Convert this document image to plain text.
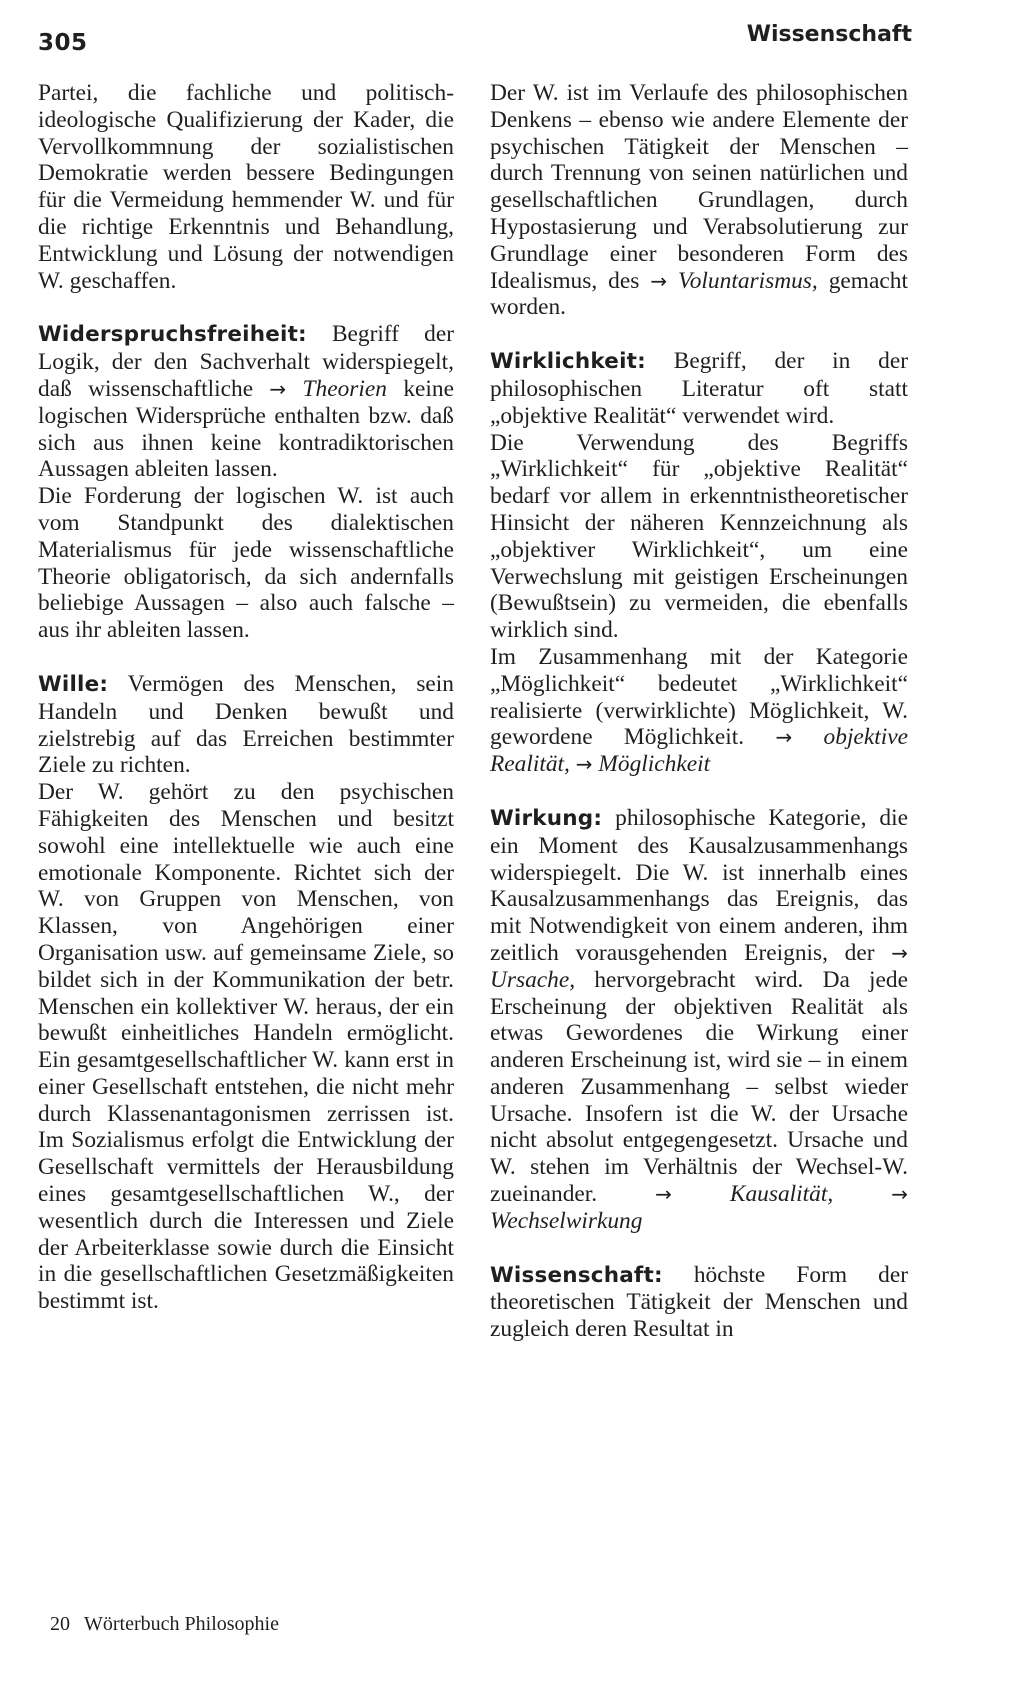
305	Wissenschaft

Partei, die fachliche und politisch-ideologische Qualifizierung der Kader, die Vervollkommnung der sozialistischen Demokratie werden bessere Bedingungen für die Vermeidung hemmender W. und für die richtige Erkenntnis und Behandlung, Entwicklung und Lösung der notwendigen W. geschaffen.

Widerspruchsfreiheit: Begriff der Logik, der den Sachverhalt widerspiegelt, daß wissenschaftliche → Theorien keine logischen Widersprüche enthalten bzw. daß sich aus ihnen keine kontradiktorischen Aussagen ableiten lassen.

Die Forderung der logischen W. ist auch vom Standpunkt des dialektischen Materialismus für jede wissenschaftliche Theorie obligatorisch, da sich andernfalls beliebige Aussagen – also auch falsche – aus ihr ableiten lassen.

Wille: Vermögen des Menschen, sein Handeln und Denken bewußt und zielstrebig auf das Erreichen bestimmter Ziele zu richten.

Der W. gehört zu den psychischen Fähigkeiten des Menschen und besitzt sowohl eine intellektuelle wie auch eine emotionale Komponente. Richtet sich der W. von Gruppen von Menschen, von Klassen, von Angehörigen einer Organisation usw. auf gemeinsame Ziele, so bildet sich in der Kommunikation der betr. Menschen ein kollektiver W. heraus, der ein bewußt einheitliches Handeln ermöglicht. Ein gesamtgesellschaftlicher W. kann erst in einer Gesellschaft entstehen, die nicht mehr durch Klassenantagonismen zerrissen ist. Im Sozialismus erfolgt die Entwicklung der Gesellschaft vermittels der Herausbildung eines gesamtgesellschaftlichen W., der wesentlich durch die Interessen und Ziele der Arbeiterklasse sowie durch die Einsicht in die gesellschaftlichen Gesetzmäßigkeiten bestimmt ist.

Der W. ist im Verlaufe des philosophischen Denkens – ebenso wie andere Elemente der psychischen Tätigkeit der Menschen – durch Trennung von seinen natürlichen und gesellschaftlichen Grundlagen, durch Hypostasierung und Verabsolutierung zur Grundlage einer besonderen Form des Idealismus, des → Voluntarismus, gemacht worden.

Wirklichkeit: Begriff, der in der philosophischen Literatur oft statt „objektive Realität“ verwendet wird.

Die Verwendung des Begriffs „Wirklichkeit“ für „objektive Realität“ bedarf vor allem in erkenntnistheoretischer Hinsicht der näheren Kennzeichnung als „objektiver Wirklichkeit“, um eine Verwechslung mit geistigen Erscheinungen (Bewußtsein) zu vermeiden, die ebenfalls wirklich sind.

Im Zusammenhang mit der Kategorie „Möglichkeit“ bedeutet „Wirklichkeit“ realisierte (verwirklichte) Möglichkeit, W. gewordene Möglichkeit. → objektive Realität, → Möglichkeit

Wirkung: philosophische Kategorie, die ein Moment des Kausalzusammenhangs widerspiegelt. Die W. ist innerhalb eines Kausalzusammenhangs das Ereignis, das mit Notwendigkeit von einem anderen, ihm zeitlich vorausgehenden Ereignis, der → Ursache, hervorgebracht wird. Da jede Erscheinung der objektiven Realität als etwas Gewordenes die Wirkung einer anderen Erscheinung ist, wird sie – in einem anderen Zusammenhang – selbst wieder Ursache. Insofern ist die W. der Ursache nicht absolut entgegengesetzt. Ursache und W. stehen im Verhältnis der Wechsel-W. zueinander.	→ Kausalität,	→ Wechselwirkung

Wissenschaft: höchste Form der theoretischen Tätigkeit der Menschen und zugleich deren Resultat in

20 Wörterbuch Philosophie
